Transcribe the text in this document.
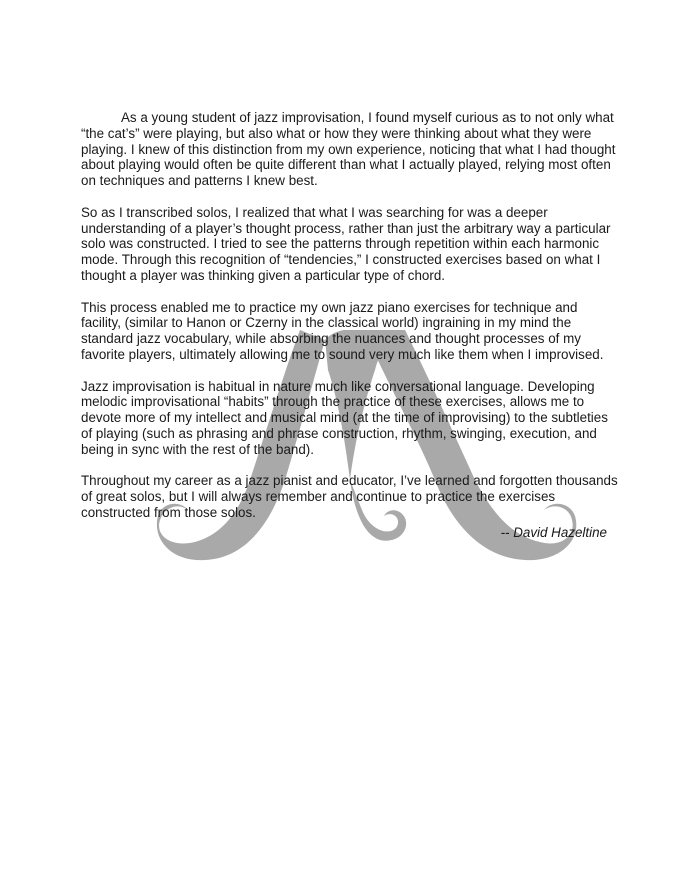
As a young student of jazz improvisation, I found myself curious as to not only what “the cat’s” were playing, but also what or how they were thinking about what they were playing. I knew of this distinction from my own experience, noticing that what I had thought about playing would often be quite different than what I actually played, relying most often on techniques and patterns I knew best.

So as I transcribed solos, I realized that what I was searching for was a deeper understanding of a player’s thought process, rather than just the arbitrary way a particular solo was constructed. I tried to see the patterns through repetition within each harmonic mode. Through this recognition of “tendencies,” I constructed exercises based on what I thought a player was thinking given a particular type of chord.

This process enabled me to practice my own jazz piano exercises for technique and facility, (similar to Hanon or Czerny in the classical world) ingraining in my mind the standard jazz vocabulary, while absorbing the nuances and thought processes of my favorite players, ultimately allowing me to sound very much like them when I improvised.

Jazz improvisation is habitual in nature much like conversational language. Developing melodic improvisational “habits” through the practice of these exercises, allows me to devote more of my intellect and musical mind (at the time of improvising) to the subtleties of playing (such as phrasing and phrase construction, rhythm, swinging, execution, and being in sync with the rest of the band).

Throughout my career as a jazz pianist and educator, I’ve learned and forgotten thousands of great solos, but I will always remember and continue to practice the exercises constructed from those solos.

-- David Hazeltine
